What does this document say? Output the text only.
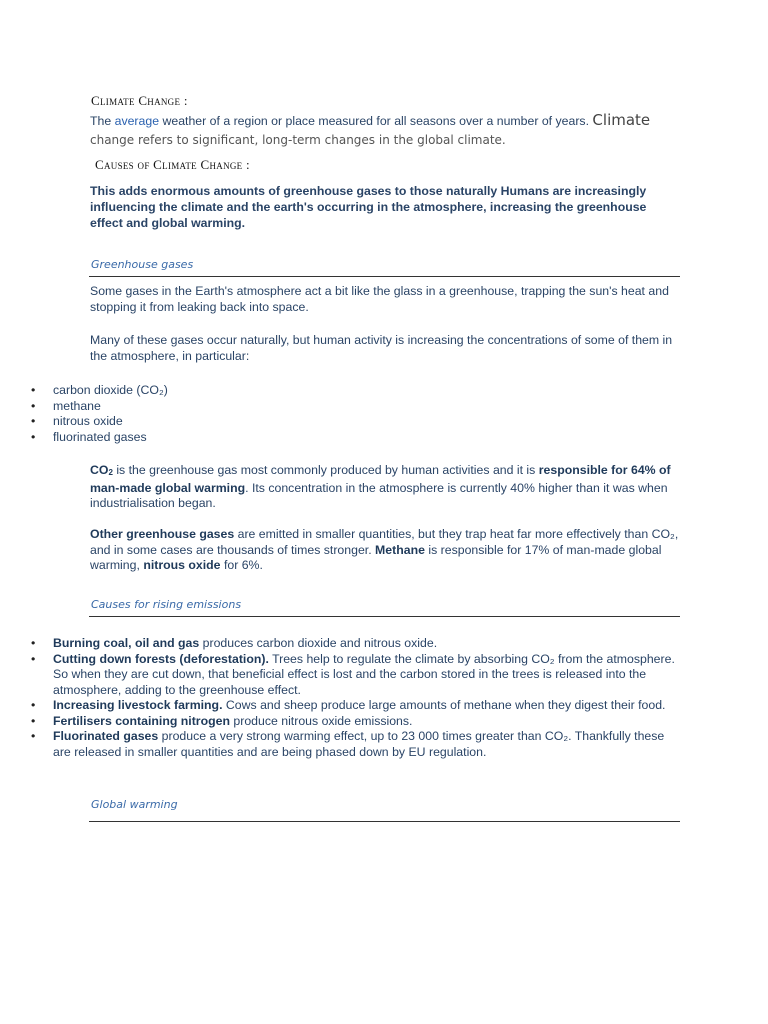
Climate Change :
The average weather of a region or place measured for all seasons over a number of years. Climate
change refers to significant, long-term changes in the global climate.
Causes of Climate Change :
This adds enormous amounts of greenhouse gases to those naturally Humans are increasingly influencing the climate and the earth's occurring in the atmosphere, increasing the greenhouse effect and global warming.
Greenhouse gases
Some gases in the Earth's atmosphere act a bit like the glass in a greenhouse, trapping the sun's heat and stopping it from leaking back into space.
Many of these gases occur naturally, but human activity is increasing the concentrations of some of them in the atmosphere, in particular:
• carbon dioxide (CO₂)
• methane
• nitrous oxide
• fluorinated gases
CO2 is the greenhouse gas most commonly produced by human activities and it is responsible for 64% of man-made global warming. Its concentration in the atmosphere is currently 40% higher than it was when industrialisation began.
Other greenhouse gases are emitted in smaller quantities, but they trap heat far more effectively than CO₂, and in some cases are thousands of times stronger. Methane is responsible for 17% of man-made global warming, nitrous oxide for 6%.
Causes for rising emissions
• Burning coal, oil and gas produces carbon dioxide and nitrous oxide.
• Cutting down forests (deforestation). Trees help to regulate the climate by absorbing CO₂ from the atmosphere. So when they are cut down, that beneficial effect is lost and the carbon stored in the trees is released into the atmosphere, adding to the greenhouse effect.
• Increasing livestock farming. Cows and sheep produce large amounts of methane when they digest their food.
• Fertilisers containing nitrogen produce nitrous oxide emissions.
• Fluorinated gases produce a very strong warming effect, up to 23 000 times greater than CO₂. Thankfully these are released in smaller quantities and are being phased down by EU regulation.
Global warming
